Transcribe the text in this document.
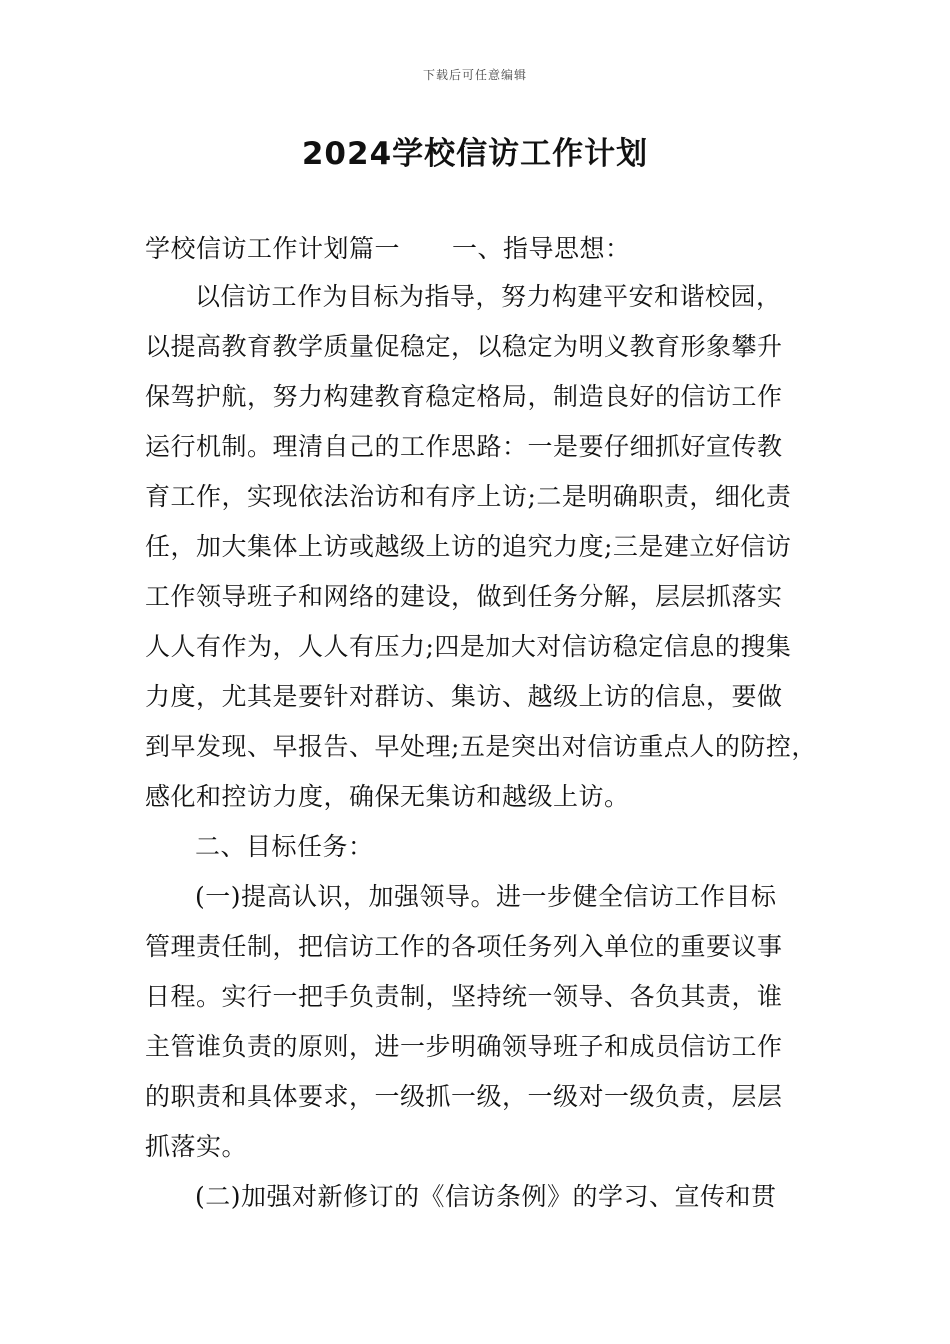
下载后可任意编辑
2024学校信访工作计划
学校信访工作计划篇一 一、指导思想：
以信访工作为目标为指导，努力构建平安和谐校园，
以提高教育教学质量促稳定，以稳定为明义教育形象攀升
保驾护航，努力构建教育稳定格局，制造良好的信访工作
运行机制。理清自己的工作思路：一是要仔细抓好宣传教
育工作，实现依法治访和有序上访;二是明确职责，细化责
任，加大集体上访或越级上访的追究力度;三是建立好信访
工作领导班子和网络的建设，做到任务分解，层层抓落实
人人有作为，人人有压力;四是加大对信访稳定信息的搜集
力度，尤其是要针对群访、集访、越级上访的信息，要做
到早发现、早报告、早处理;五是突出对信访重点人的防控，
感化和控访力度，确保无集访和越级上访。
二、目标任务：
(一)提高认识，加强领导。进一步健全信访工作目标
管理责任制，把信访工作的各项任务列入单位的重要议事
日程。实行一把手负责制，坚持统一领导、各负其责，谁
主管谁负责的原则，进一步明确领导班子和成员信访工作
的职责和具体要求，一级抓一级，一级对一级负责，层层
抓落实。
(二)加强对新修订的《信访条例》的学习、宣传和贯
